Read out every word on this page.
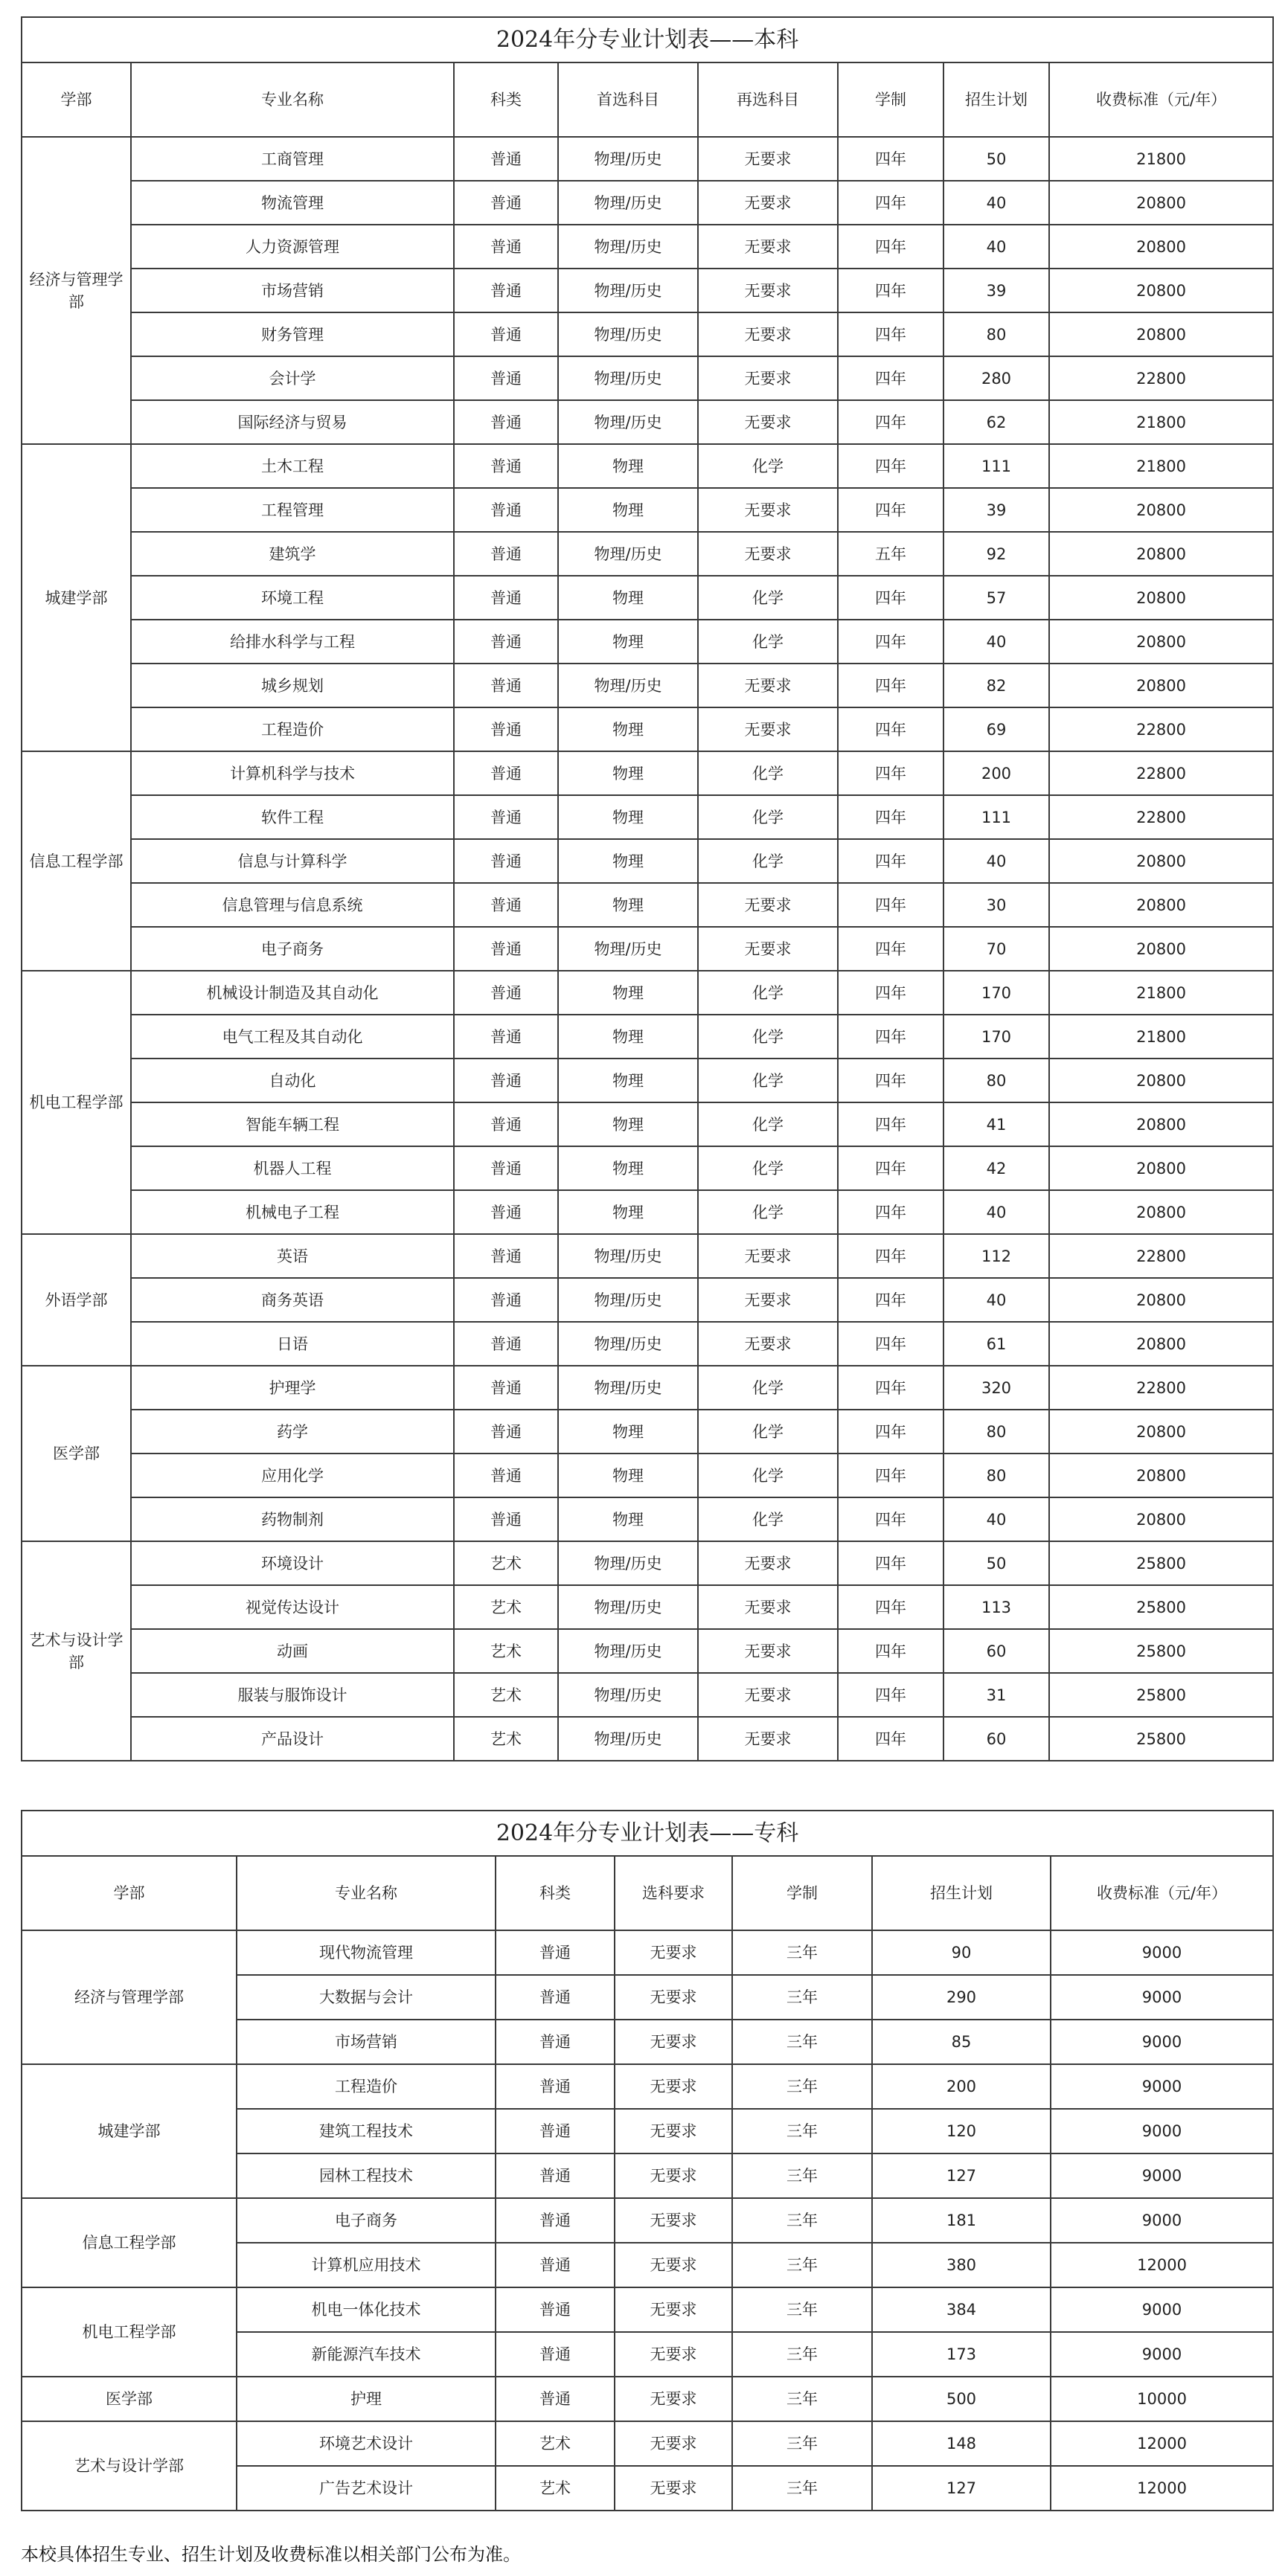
2024年分专业计划表——本科							
学部	专业名称	科类	首选科目	再选科目	学制	招生计划	收费标准（元/年）
经济与管理学部	工商管理	普通	物理/历史	无要求	四年	50	21800
	物流管理	普通	物理/历史	无要求	四年	40	20800
	人力资源管理	普通	物理/历史	无要求	四年	40	20800
	市场营销	普通	物理/历史	无要求	四年	39	20800
	财务管理	普通	物理/历史	无要求	四年	80	20800
	会计学	普通	物理/历史	无要求	四年	280	22800
	国际经济与贸易	普通	物理/历史	无要求	四年	62	21800
城建学部	土木工程	普通	物理	化学	四年	111	21800
	工程管理	普通	物理	无要求	四年	39	20800
	建筑学	普通	物理/历史	无要求	五年	92	20800
	环境工程	普通	物理	化学	四年	57	20800
	给排水科学与工程	普通	物理	化学	四年	40	20800
	城乡规划	普通	物理/历史	无要求	四年	82	20800
	工程造价	普通	物理	无要求	四年	69	22800
信息工程学部	计算机科学与技术	普通	物理	化学	四年	200	22800
	软件工程	普通	物理	化学	四年	111	22800
	信息与计算科学	普通	物理	化学	四年	40	20800
	信息管理与信息系统	普通	物理	无要求	四年	30	20800
	电子商务	普通	物理/历史	无要求	四年	70	20800
机电工程学部	机械设计制造及其自动化	普通	物理	化学	四年	170	21800
	电气工程及其自动化	普通	物理	化学	四年	170	21800
	自动化	普通	物理	化学	四年	80	20800
	智能车辆工程	普通	物理	化学	四年	41	20800
	机器人工程	普通	物理	化学	四年	42	20800
	机械电子工程	普通	物理	化学	四年	40	20800
外语学部	英语	普通	物理/历史	无要求	四年	112	22800
	商务英语	普通	物理/历史	无要求	四年	40	20800
	日语	普通	物理/历史	无要求	四年	61	20800
医学部	护理学	普通	物理/历史	化学	四年	320	22800
	药学	普通	物理	化学	四年	80	20800
	应用化学	普通	物理	化学	四年	80	20800
	药物制剂	普通	物理	化学	四年	40	20800
艺术与设计学部	环境设计	艺术	物理/历史	无要求	四年	50	25800
	视觉传达设计	艺术	物理/历史	无要求	四年	113	25800
	动画	艺术	物理/历史	无要求	四年	60	25800
	服装与服饰设计	艺术	物理/历史	无要求	四年	31	25800
	产品设计	艺术	物理/历史	无要求	四年	60	25800
2024年分专业计划表——专科						
学部	专业名称	科类	选科要求	学制	招生计划	收费标准（元/年）
经济与管理学部	现代物流管理	普通	无要求	三年	90	9000
	大数据与会计	普通	无要求	三年	290	9000
	市场营销	普通	无要求	三年	85	9000
城建学部	工程造价	普通	无要求	三年	200	9000
	建筑工程技术	普通	无要求	三年	120	9000
	园林工程技术	普通	无要求	三年	127	9000
信息工程学部	电子商务	普通	无要求	三年	181	9000
	计算机应用技术	普通	无要求	三年	380	12000
机电工程学部	机电一体化技术	普通	无要求	三年	384	9000
	新能源汽车技术	普通	无要求	三年	173	9000
医学部	护理	普通	无要求	三年	500	10000
艺术与设计学部	环境艺术设计	艺术	无要求	三年	148	12000
	广告艺术设计	艺术	无要求	三年	127	12000
本校具体招生专业、招生计划及收费标准以相关部门公布为准。
